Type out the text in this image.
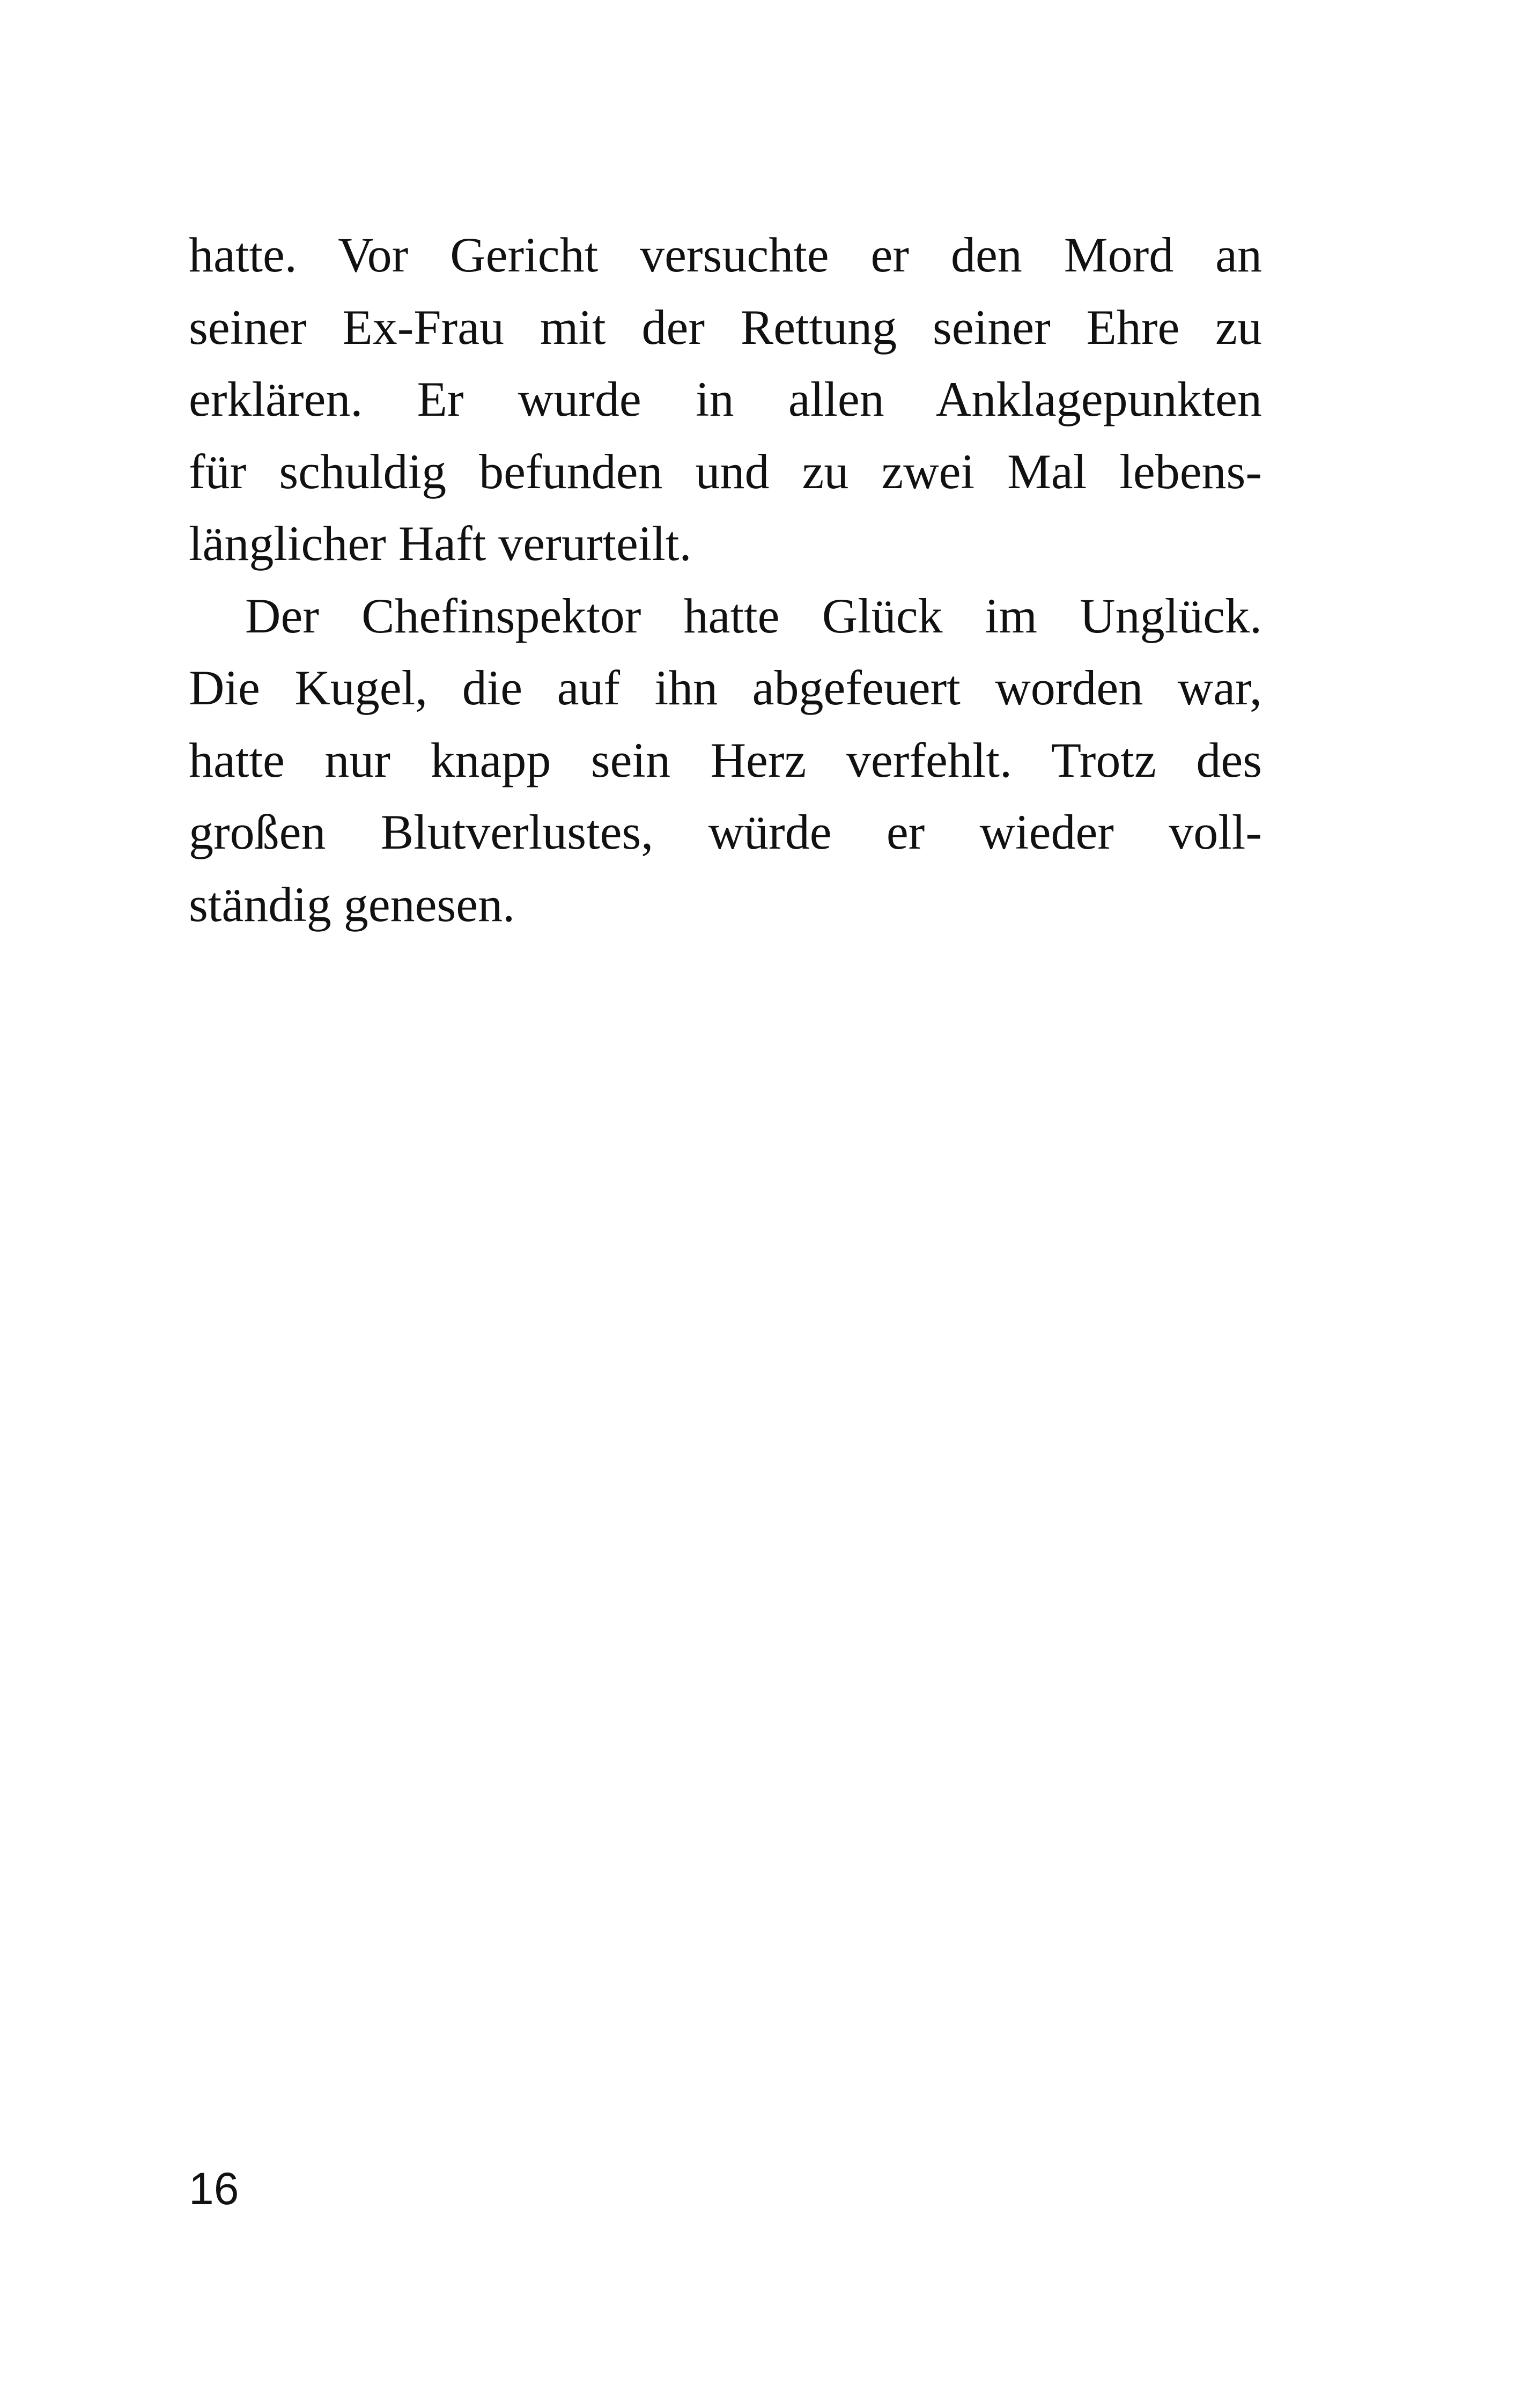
hatte. Vor Gericht versuchte er den Mord an
seiner Ex-Frau mit der Rettung seiner Ehre zu
erklären. Er wurde in allen Anklagepunkten
für schuldig befunden und zu zwei Mal lebens-
länglicher Haft verurteilt.
Der Chefinspektor hatte Glück im Unglück.
Die Kugel, die auf ihn abgefeuert worden war,
hatte nur knapp sein Herz verfehlt. Trotz des
großen Blutverlustes, würde er wieder voll-
ständig genesen.
16
